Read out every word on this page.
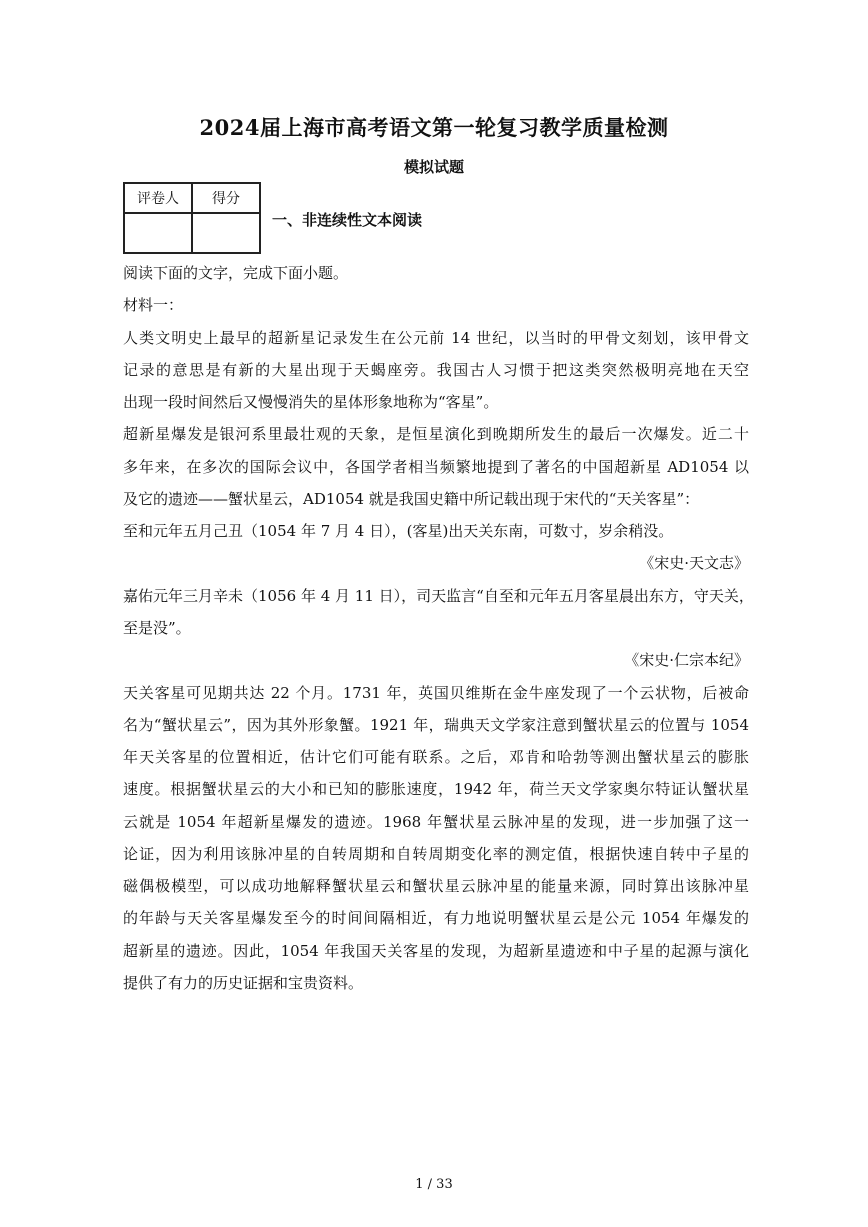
2024届上海市高考语文第一轮复习教学质量检测
模拟试题
评卷人	得分

一、非连续性文本阅读
阅读下面的文字，完成下面小题。
材料一：
人类文明史上最早的超新星记录发生在公元前 14 世纪，以当时的甲骨文刻划，该甲骨文
记录的意思是有新的大星出现于天蝎座旁。我国古人习惯于把这类突然极明亮地在天空
出现一段时间然后又慢慢消失的星体形象地称为“客星”。
超新星爆发是银河系里最壮观的天象，是恒星演化到晚期所发生的最后一次爆发。近二十
多年来，在多次的国际会议中，各国学者相当频繁地提到了著名的中国超新星 AD1054 以
及它的遗迹——蟹状星云，AD1054 就是我国史籍中所记载出现于宋代的“天关客星”：
至和元年五月己丑（1054 年 7 月 4 日），(客星)出天关东南，可数寸，岁余稍没。
《宋史·天文志》
嘉佑元年三月辛未（1056 年 4 月 11 日），司天监言“自至和元年五月客星晨出东方，守天关，
至是没”。
《宋史·仁宗本纪》
天关客星可见期共达 22 个月。1731 年，英国贝维斯在金牛座发现了一个云状物，后被命
名为“蟹状星云”，因为其外形象蟹。1921 年，瑞典天文学家注意到蟹状星云的位置与 1054
年天关客星的位置相近，估计它们可能有联系。之后，邓肯和哈勃等测出蟹状星云的膨胀
速度。根据蟹状星云的大小和已知的膨胀速度，1942 年，荷兰天文学家奥尔特证认蟹状星
云就是 1054 年超新星爆发的遗迹。1968 年蟹状星云脉冲星的发现，进一步加强了这一
论证，因为利用该脉冲星的自转周期和自转周期变化率的测定值，根据快速自转中子星的
磁偶极模型，可以成功地解释蟹状星云和蟹状星云脉冲星的能量来源，同时算出该脉冲星
的年龄与天关客星爆发至今的时间间隔相近，有力地说明蟹状星云是公元 1054 年爆发的
超新星的遗迹。因此，1054 年我国天关客星的发现，为超新星遗迹和中子星的起源与演化
提供了有力的历史证据和宝贵资料。
1 / 33
